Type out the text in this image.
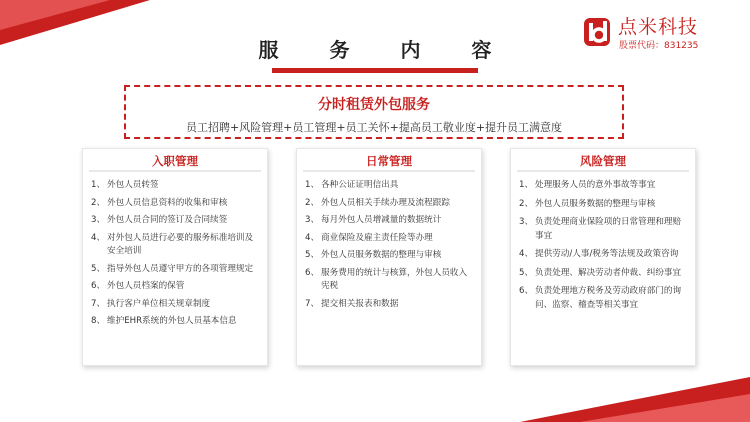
点米科技
股票代码：831235
服 务 内 容
分时租赁外包服务
员工招聘+风险管理+员工管理+员工关怀+提高员工敬业度+提升员工满意度
入职管理
1、 外包人员转签
2、 外包人员信息资料的收集和审核
3、 外包人员合同的签订及合同续签
4、 对外包人员进行必要的服务标准培训及安全培训
5、 指导外包人员遵守甲方的各项管理规定
6、 外包人员档案的保管
7、 执行客户单位相关规章制度
8、 维护EHR系统的外包人员基本信息
日常管理
1、 各种公证证明信出具
2、 外包人员相关手续办理及流程跟踪
3、 每月外包人员增减量的数据统计
4、 商业保险及雇主责任险等办理
5、 外包人员服务数据的整理与审核
6、 服务费用的统计与核算，外包人员收入宪税
7、 提交相关报表和数据
风险管理
1、 处理服务人员的意外事故等事宜
2、 外包人员服务数据的整理与审核
3、 负责处理商业保险项的日常管理和理赔事宜
4、 提供劳动/人事/税务等法规及政策咨询
5、 负责处理、解决劳动者仲裁、纠纷事宜
6、 负责处理地方税务及劳动政府部门的询问、监察、稽查等相关事宜
